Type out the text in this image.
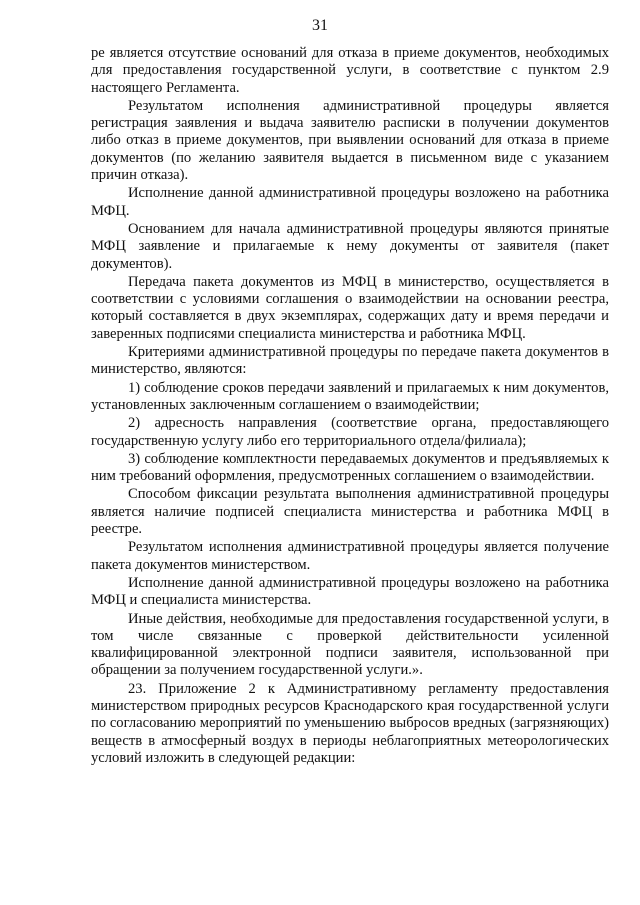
31

ре является отсутствие оснований для отказа в приеме документов, необходимых для предоставления государственной услуги, в соответствие с пунктом 2.9 настоящего Регламента.

Результатом исполнения административной процедуры является регистрация заявления и выдача заявителю расписки в получении документов либо отказ в приеме документов, при выявлении оснований для отказа в приеме документов (по желанию заявителя выдается в письменном виде с указанием причин отказа).

Исполнение данной административной процедуры возложено на работника МФЦ.

Основанием для начала административной процедуры являются принятые МФЦ заявление и прилагаемые к нему документы от заявителя (пакет документов).

Передача пакета документов из МФЦ в министерство, осуществляется в соответствии с условиями соглашения о взаимодействии на основании реестра, который составляется в двух экземплярах, содержащих дату и время передачи и заверенных подписями специалиста министерства и работника МФЦ.

Критериями административной процедуры по передаче пакета документов в министерство, являются:

1) соблюдение сроков передачи заявлений и прилагаемых к ним документов, установленных заключенным соглашением о взаимодействии;

2) адресность направления (соответствие органа, предоставляющего государственную услугу либо его территориального отдела/филиала);

3) соблюдение комплектности передаваемых документов и предъявляемых к ним требований оформления, предусмотренных соглашением о взаимодействии.

Способом фиксации результата выполнения административной процедуры является наличие подписей специалиста министерства и работника МФЦ в реестре.

Результатом исполнения административной процедуры является получение пакета документов министерством.

Исполнение данной административной процедуры возложено на работника МФЦ и специалиста министерства.

Иные действия, необходимые для предоставления государственной услуги, в том числе связанные с проверкой действительности усиленной квалифицированной электронной подписи заявителя, использованной при обращении за получением государственной услуги.».

23. Приложение 2 к Административному регламенту предоставления министерством природных ресурсов Краснодарского края государственной услуги по согласованию мероприятий по уменьшению выбросов вредных (загрязняющих) веществ в атмосферный воздух в периоды неблагоприятных метеорологических условий изложить в следующей редакции:
